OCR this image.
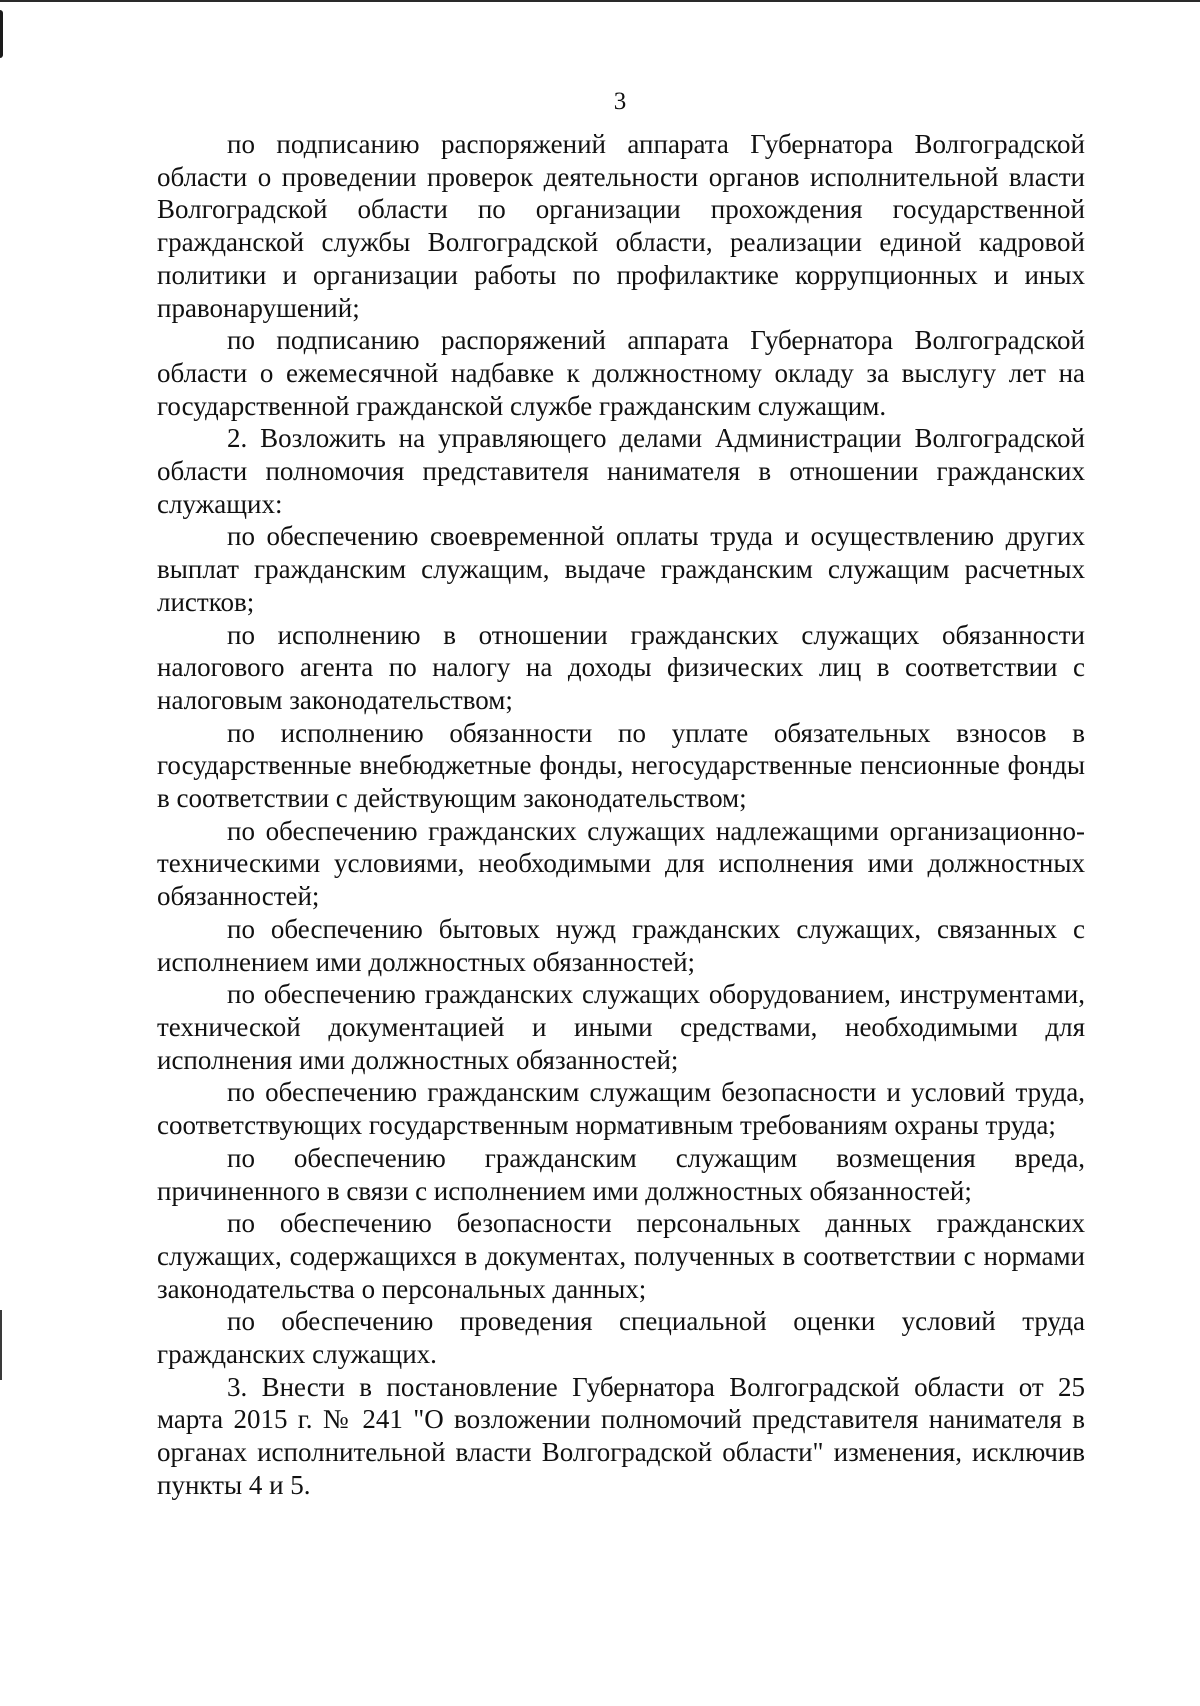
3

по подписанию распоряжений аппарата Губернатора Волгоградской области о проведении проверок деятельности органов исполнительной власти Волгоградской области по организации прохождения государственной гражданской службы Волгоградской области, реализации единой кадровой политики и организации работы по профилактике коррупционных и иных правонарушений;

по подписанию распоряжений аппарата Губернатора Волгоградской области о ежемесячной надбавке к должностному окладу за выслугу лет на государственной гражданской службе гражданским служащим.

2. Возложить на управляющего делами Администрации Волгоградской области полномочия представителя нанимателя в отношении гражданских служащих:

по обеспечению своевременной оплаты труда и осуществлению других выплат гражданским служащим, выдаче гражданским служащим расчетных листков;

по исполнению в отношении гражданских служащих обязанности налогового агента по налогу на доходы физических лиц в соответствии с налоговым законодательством;

по исполнению обязанности по уплате обязательных взносов в государственные внебюджетные фонды, негосударственные пенсионные фонды в соответствии с действующим законодательством;

по обеспечению гражданских служащих надлежащими организационно-техническими условиями, необходимыми для исполнения ими должностных обязанностей;

по обеспечению бытовых нужд гражданских служащих, связанных с исполнением ими должностных обязанностей;

по обеспечению гражданских служащих оборудованием, инструментами, технической документацией и иными средствами, необходимыми для исполнения ими должностных обязанностей;

по обеспечению гражданским служащим безопасности и условий труда, соответствующих государственным нормативным требованиям охраны труда;

по обеспечению гражданским служащим возмещения вреда, причиненного в связи с исполнением ими должностных обязанностей;

по обеспечению безопасности персональных данных гражданских служащих, содержащихся в документах, полученных в соответствии с нормами законодательства о персональных данных;

по обеспечению проведения специальной оценки условий труда гражданских служащих.

3. Внести в постановление Губернатора Волгоградской области от 25 марта 2015 г. № 241 "О возложении полномочий представителя нанимателя в органах исполнительной власти Волгоградской области" изменения, исключив пункты 4 и 5.
